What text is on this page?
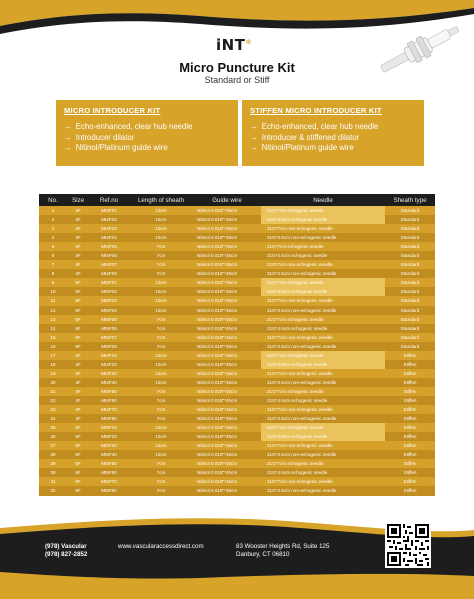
iNT®
Micro Puncture Kit
Standard or Stiff
MICRO INTRODUCER KIT
→ Echo-enhanced, clear hub needle
→ Introducer dilator
→ Nitinol/Platinum guide wire
STIFFEN MICRO INTRODUCER KIT
→ Echo-enhanced, clear hub needle
→ Introducer & stiffened dilator
→ Nitinol/Platinum guide wire
No.	Size	Ref.no	Length of sheath	Guide wire	Needle	Sheath type
1	4F	MI4F01	10cm	Nitinol 0.018"*45cm	21G*7cm echogenic needle	Standard
2	4F	MI4F02	10cm	Nitinol 0.018"*45cm	21G*4.5cm echogenic needle	Standard
3	4F	MI4F03	10cm	Nitinol 0.018"*45cm	21G*7cm non-echogenic needle	Standard
4	4F	MI4F04	10cm	Nitinol 0.018"*45cm	21G*4.5cm non-echogenic needle	Standard
5	4F	MI4F05	7cm	Nitinol 0.018"*45cm	21G*7cm echogenic needle	Standard
6	4F	MI4F06	7cm	Nitinol 0.018"*45cm	21G*4.5cm echogenic needle	Standard
7	4F	MI4F07	7cm	Nitinol 0.018"*45cm	21G*7cm non-echogenic needle	Standard
8	4F	MI4F08	7cm	Nitinol 0.018"*45cm	21G*4.5cm non-echogenic needle	Standard
9	5F	MI5F01	10cm	Nitinol 0.018"*45cm	21G*7cm echogenic needle	Standard
10	5F	MI5F02	10cm	Nitinol 0.018"*45cm	21G*4.5cm echogenic needle	Standard
11	5F	MI5F03	10cm	Nitinol 0.018"*45cm	21G*7cm non-echogenic needle	Standard
12	5F	MI5F04	10cm	Nitinol 0.018"*45cm	21G*4.5cm non-echogenic needle	Standard
13	5F	MI5F05	7cm	Nitinol 0.018"*45cm	21G*7cm echogenic needle	Standard
14	5F	MI5F06	7cm	Nitinol 0.018"*45cm	21G*4.5cm echogenic needle	Standard
15	5F	MI5F07	7cm	Nitinol 0.018"*45cm	21G*7cm non-echogenic needle	Standard
16	5F	MI5F08	7cm	Nitinol 0.018"*45cm	21G*4.5cm non-echogenic needle	Standard
17	4F	MI4F10	10cm	Nitinol 0.018"*45cm	21G*7cm echogenic needle	Stiffen
18	4F	MI4F20	10cm	Nitinol 0.018"*45cm	21G*4.5cm echogenic needle	Stiffen
19	4F	MI4F30	10cm	Nitinol 0.018"*45cm	21G*7cm non-echogenic needle	Stiffen
20	4F	MI4F40	10cm	Nitinol 0.018"*45cm	21G*4.5cm non-echogenic needle	Stiffen
21	4F	MI4F50	7cm	Nitinol 0.018"*45cm	21G*7cm echogenic needle	Stiffen
22	4F	MI4F60	7cm	Nitinol 0.018"*45cm	21G*4.5cm echogenic needle	Stiffen
23	4F	MI4F70	7cm	Nitinol 0.018"*45cm	21G*7cm non-echogenic needle	Stiffen
24	4F	MI4F80	7cm	Nitinol 0.018"*45cm	21G*4.5cm non-echogenic needle	Stiffen
25	5F	MI5F10	10cm	Nitinol 0.018"*45cm	21G*7cm echogenic needle	Stiffen
26	5F	MI5F20	10cm	Nitinol 0.018"*45cm	21G*4.5cm echogenic needle	Stiffen
27	5F	MI5F30	10cm	Nitinol 0.018"*45cm	21G*7cm non-echogenic needle	Stiffen
28	5F	MI5F40	10cm	Nitinol 0.018"*45cm	21G*4.5cm non-echogenic needle	Stiffen
29	5F	MI5F50	7cm	Nitinol 0.018"*45cm	21G*7cm echogenic needle	Stiffen
30	5F	MI5F60	7cm	Nitinol 0.018"*45cm	21G*4.5cm echogenic needle	Stiffen
31	5F	MI5F70	7cm	Nitinol 0.018"*45cm	21G*7cm non-echogenic needle	Stiffen
32	5F	MI5F80	7cm	Nitinol 0.018"*45cm	21G*4.5cm non-echogenic needle	Stiffen
(978) Vascular
(978) 827-2852
www.vascularaccessdirect.com	83 Wooster Heights Rd, Suite 125
Danbury, CT 06810
